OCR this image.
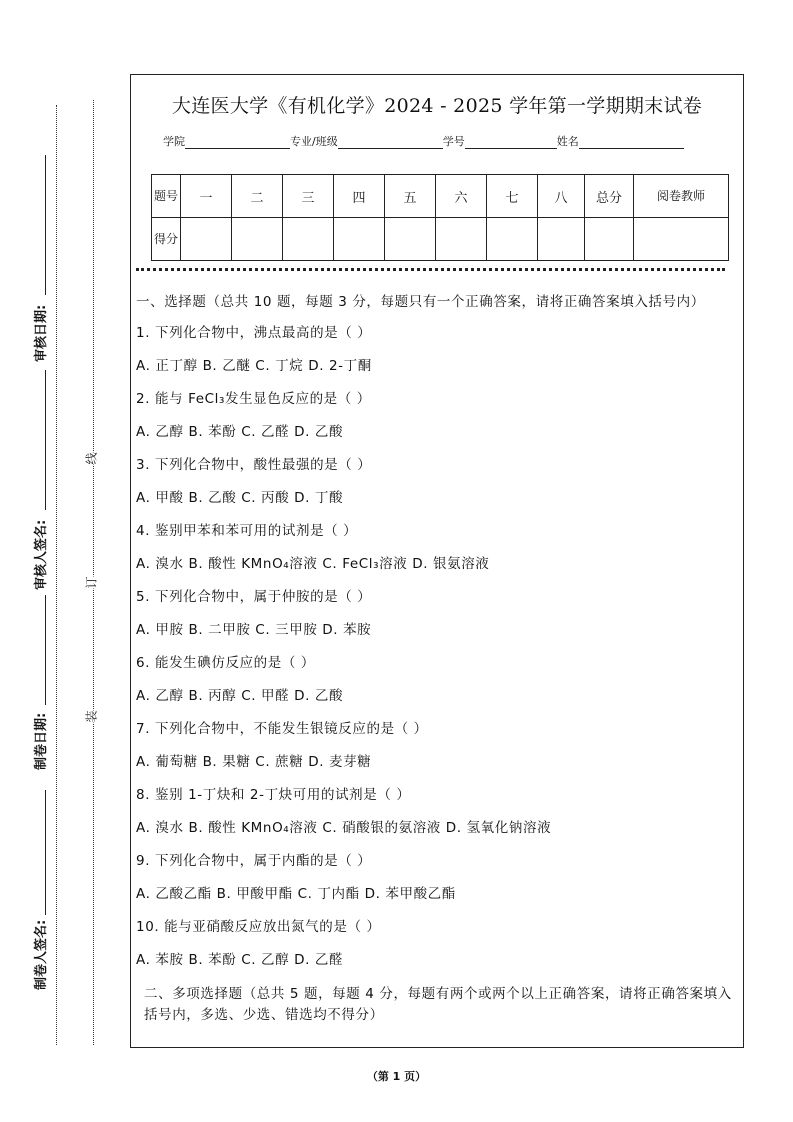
审核日期:
审核人签名:
制卷日期:
制卷人签名:
线
订
装
大连医大学《有机化学》2024 - 2025 学年第一学期期末试卷
学院	专业/班级	学号	姓名
题号	一	二	三	四	五	六	七	八	总分	阅卷教师
得分										
一、选择题（总共 10 题，每题 3 分，每题只有一个正确答案，请将正确答案填入括号内）
1. 下列化合物中，沸点最高的是（ ）
A. 正丁醇 B. 乙醚 C. 丁烷 D. 2-丁酮
2. 能与 FeCl₃发生显色反应的是（ ）
A. 乙醇 B. 苯酚 C. 乙醛 D. 乙酸
3. 下列化合物中，酸性最强的是（ ）
A. 甲酸 B. 乙酸 C. 丙酸 D. 丁酸
4. 鉴别甲苯和苯可用的试剂是（ ）
A. 溴水 B. 酸性 KMnO₄溶液 C. FeCl₃溶液 D. 银氨溶液
5. 下列化合物中，属于仲胺的是（ ）
A. 甲胺 B. 二甲胺 C. 三甲胺 D. 苯胺
6. 能发生碘仿反应的是（ ）
A. 乙醇 B. 丙醇 C. 甲醛 D. 乙酸
7. 下列化合物中，不能发生银镜反应的是（ ）
A. 葡萄糖 B. 果糖 C. 蔗糖 D. 麦芽糖
8. 鉴别 1-丁炔和 2-丁炔可用的试剂是（ ）
A. 溴水 B. 酸性 KMnO₄溶液 C. 硝酸银的氨溶液 D. 氢氧化钠溶液
9. 下列化合物中，属于内酯的是（ ）
A. 乙酸乙酯 B. 甲酸甲酯 C. 丁内酯 D. 苯甲酸乙酯
10. 能与亚硝酸反应放出氮气的是（ ）
A. 苯胺 B. 苯酚 C. 乙醇 D. 乙醛
二、多项选择题（总共 5 题，每题 4 分，每题有两个或两个以上正确答案，请将正确答案填入括号内，多选、少选、错选均不得分）
（第 1 页）
